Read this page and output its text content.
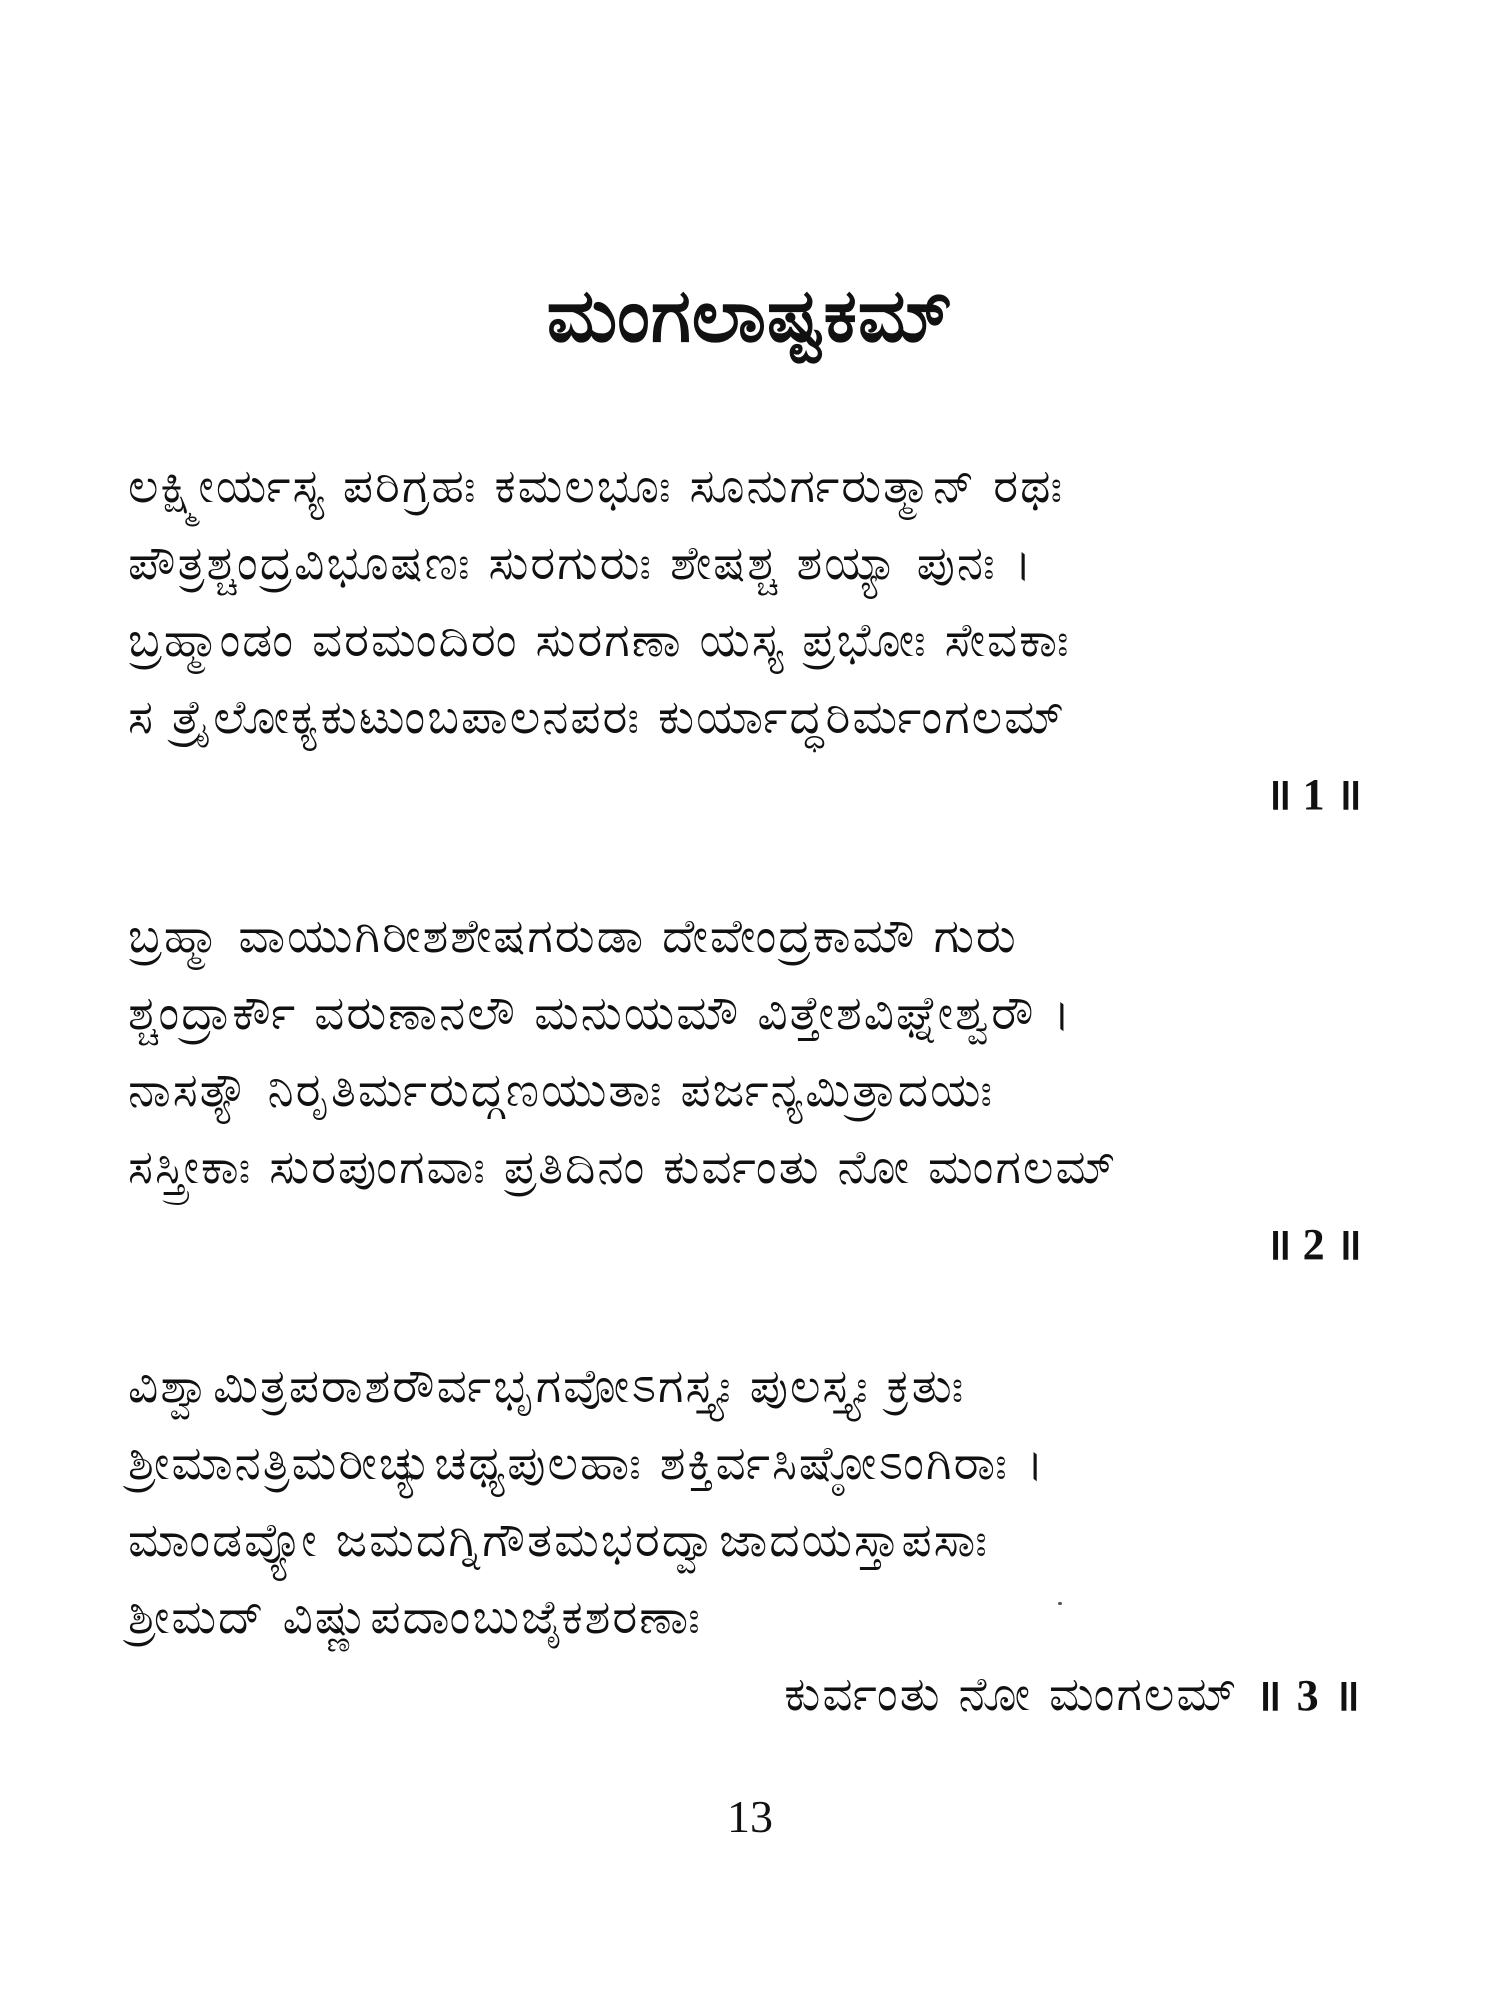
ಮಂಗಲಾಷ್ಟಕಮ್
ಲಕ್ಷ್ಮೀರ್ಯಸ್ಯ ಪರಿಗ್ರಹಃ ಕಮಲಭೂಃ ಸೂನುರ್ಗರುತ್ಮಾನ್ ರಥಃ
ಪೌತ್ರಶ್ಚಂದ್ರವಿಭೂಷಣಃ ಸುರಗುರುಃ ಶೇಷಶ್ಚ ಶಯ್ಯಾ ಪುನಃ ।
ಬ್ರಹ್ಮಾಂಡಂ ವರಮಂದಿರಂ ಸುರಗಣಾ ಯಸ್ಯ ಪ್ರಭೋಃ ಸೇವಕಾಃ
ಸ ತ್ರೈಲೋಕ್ಯಕುಟುಂಬಪಾಲನಪರಃ ಕುರ್ಯಾದ್ಧರಿರ್ಮಂಗಲಮ್
॥ 1 ॥
ಬ್ರಹ್ಮಾ ವಾಯುಗಿರೀಶಶೇಷಗರುಡಾ ದೇವೇಂದ್ರಕಾಮೌ ಗುರು
ಶ್ಚಂದ್ರಾರ್ಕೌ ವರುಣಾನಲೌ ಮನುಯಮೌ ವಿತ್ತೇಶವಿಘ್ನೇಶ್ವರೌ ।
ನಾಸತ್ಯೌ ನಿರೃತಿರ್ಮರುದ್ಗಣಯುತಾಃ ಪರ್ಜನ್ಯಮಿತ್ರಾದಯಃ
ಸಸ್ತ್ರೀಕಾಃ ಸುರಪುಂಗವಾಃ ಪ್ರತಿದಿನಂ ಕುರ್ವಂತು ನೋ ಮಂಗಲಮ್
॥ 2 ॥
ವಿಶ್ವಾಮಿತ್ರಪರಾಶರೌರ್ವಭೃಗವೋಽಗಸ್ತ್ಯಃ ಪುಲಸ್ತ್ಯಃ ಕ್ರತುಃ
ಶ್ರೀಮಾನತ್ರಿಮರೀಚ್ಯುಚಥ್ಯಪುಲಹಾಃ ಶಕ್ತಿರ್ವಸಿಷ್ಠೋಽಂಗಿರಾಃ ।
ಮಾಂಡವ್ಯೋ ಜಮದಗ್ನಿಗೌತಮಭರದ್ವಾಜಾದಯಸ್ತಾಪಸಾಃ
ಶ್ರೀಮದ್ ವಿಷ್ಣುಪದಾಂಬುಜೈಕಶರಣಾಃ
ಕುರ್ವಂತು ನೋ ಮಂಗಲಮ್ ॥ 3 ॥
13
